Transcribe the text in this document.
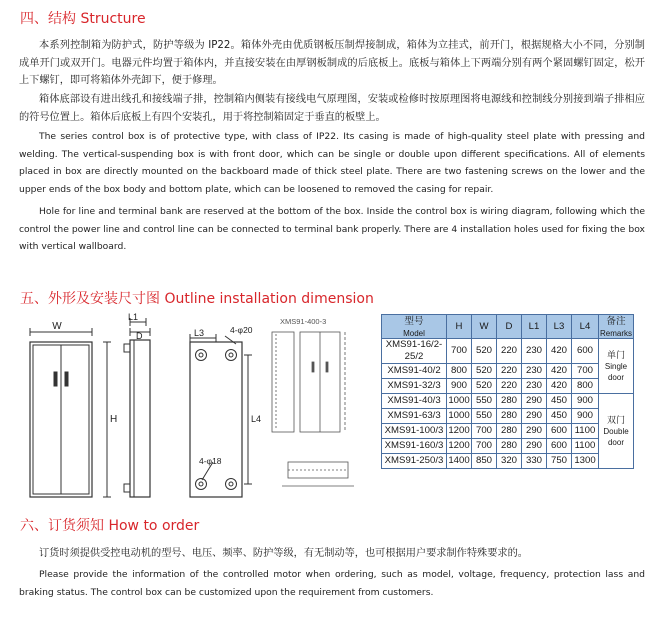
四、结构 Structure

本系列控制箱为防护式，防护等级为 IP22。箱体外壳由优质钢板压制焊接制成，箱体为立挂式，前开门，根据规格大小不同，分别制成单开门或双开门。电器元件均置于箱体内，并直接安装在由厚钢板制成的后底板上。底板与箱体上下两端分别有两个紧固螺钉固定，松开上下螺钉，即可将箱体外壳卸下，便于修理。

箱体底部设有进出线孔和接线端子排，控制箱内侧装有接线电气原理图，安装或检修时按原理图将电源线和控制线分别接到端子排相应的符号位置上。箱体后底板上有四个安装孔，用于将控制箱固定于垂直的板壁上。

The series control box is of protective type, with class of IP22. Its casing is made of high-quality steel plate with pressing and welding. The vertical-suspending box is with front door, which can be single or double upon different specifications. All of elements placed in box are directly mounted on the backboard made of thick steel plate. There are two fastening screws on the lower and the upper ends of the box body and bottom plate, which can be loosened to removed the casing for repair.

Hole for line and terminal bank are reserved at the bottom of the box. Inside the control box is wiring diagram, following which the control the power line and control line can be connected to terminal bank properly. There are 4 installation holes used for fixing the box with vertical wallboard.

五、外形及安装尺寸图 Outline installation dimension
W
H
L1
D	L3	4-φ20
L4
4-φ18
XMS91-400-3	型号
Model	H	W	D	L1	L3	L4	备注
Remarks

XMS91-16/2-25/2	700	520	220	230	420	600	单门
Single door

XMS91-40/2	800	520	220	230	420	700	
XMS91-32/3	900	520	220	230	420	800	
XMS91-40/3	1000	550	280	290	450	900	双门
Double door

XMS91-63/3	1000	550	280	290	450	900	
XMS91-100/3	1200	700	280	290	600	1100	
XMS91-160/3	1200	700	280	290	600	1100	
XMS91-250/3	1400	850	320	330	750	1300	
六、订货须知 How to order

订货时须提供受控电动机的型号、电压、频率、防护等级，有无制动等，也可根据用户要求制作特殊要求的。

Please provide the information of the controlled motor when ordering, such as model, voltage, frequency, protection lass and braking status. The control box can be customized upon the requirement from customers.
